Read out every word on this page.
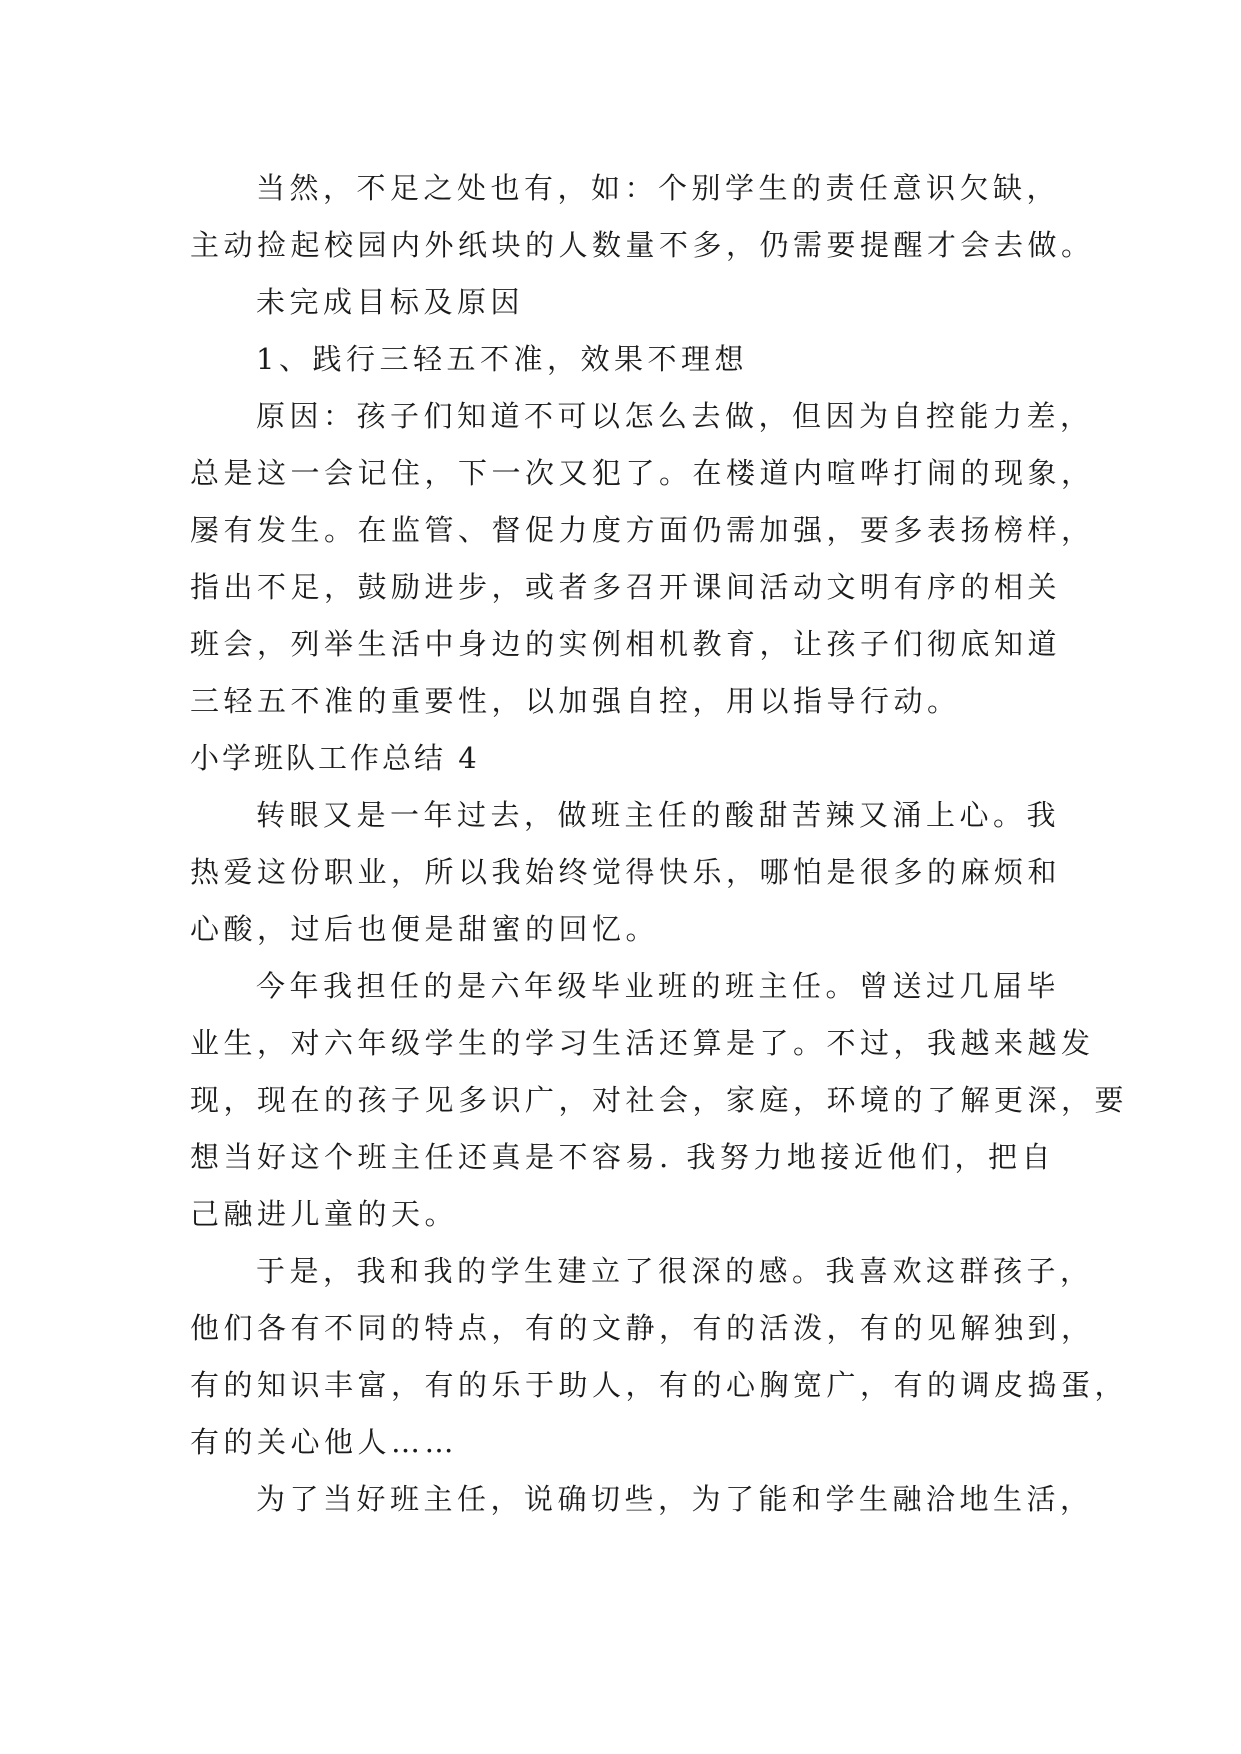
当然，不足之处也有，如：个别学生的责任意识欠缺，
主动捡起校园内外纸块的人数量不多，仍需要提醒才会去做。
未完成目标及原因
1、践行三轻五不准，效果不理想
原因：孩子们知道不可以怎么去做，但因为自控能力差，
总是这一会记住，下一次又犯了。在楼道内喧哗打闹的现象，
屡有发生。在监管、督促力度方面仍需加强，要多表扬榜样，
指出不足，鼓励进步，或者多召开课间活动文明有序的相关
班会，列举生活中身边的实例相机教育，让孩子们彻底知道
三轻五不准的重要性，以加强自控，用以指导行动。
小学班队工作总结 4
转眼又是一年过去，做班主任的酸甜苦辣又涌上心。我
热爱这份职业，所以我始终觉得快乐，哪怕是很多的麻烦和
心酸，过后也便是甜蜜的回忆。
今年我担任的是六年级毕业班的班主任。曾送过几届毕
业生，对六年级学生的学习生活还算是了。不过，我越来越发
现，现在的孩子见多识广，对社会，家庭，环境的了解更深，要
想当好这个班主任还真是不容易. 我努力地接近他们，把自
己融进儿童的天。
于是，我和我的学生建立了很深的感。我喜欢这群孩子，
他们各有不同的特点，有的文静，有的活泼，有的见解独到，
有的知识丰富，有的乐于助人，有的心胸宽广，有的调皮捣蛋，
有的关心他人……
为了当好班主任，说确切些，为了能和学生融洽地生活，
